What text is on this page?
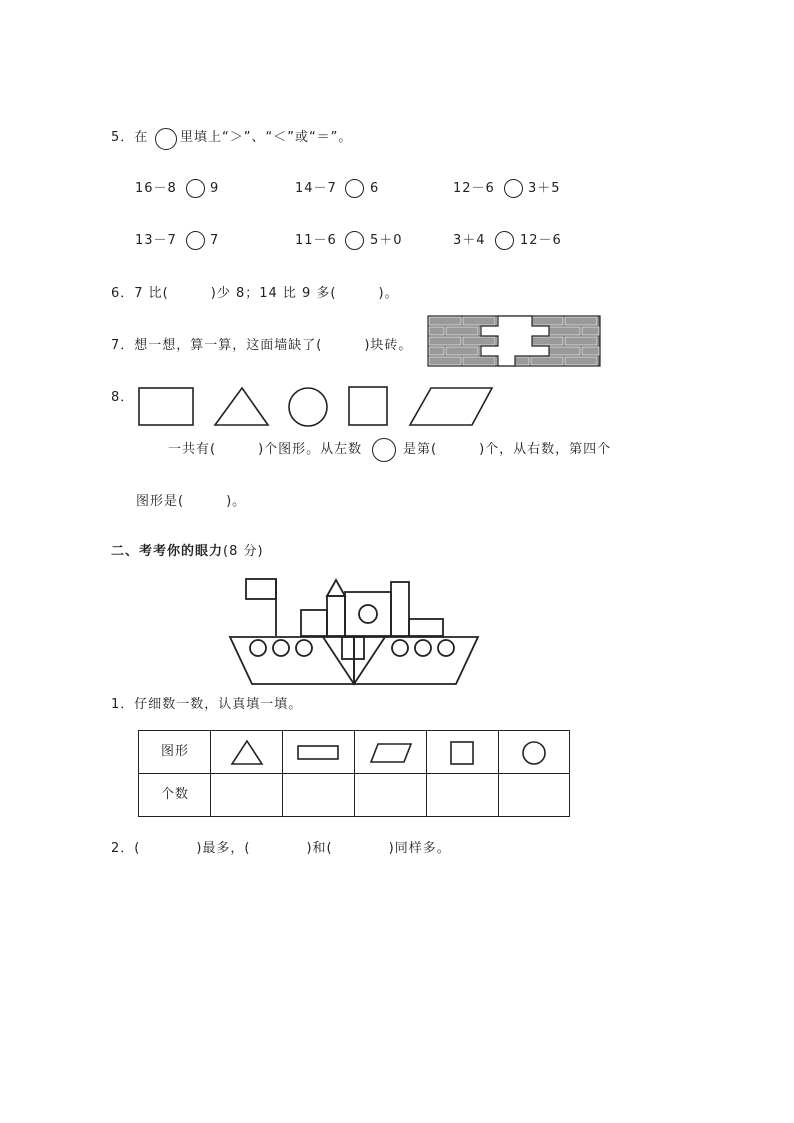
5．在 里填上“＞”、“＜”或“＝”。
16－8	9	14－7	6	12－6	3＋5
13－7	7	11－6	5＋0	3＋4	12－6
6．7 比(　　　)少 8；14 比 9 多(　　　)。
7．想一想，算一算，这面墙缺了(　　　)块砖。
8．
一共有(　　　)个图形。从左数	是第(　　　)个，从右数，第四个
图形是(　　　)。
二、考考你的眼力(8 分)
1．仔细数一数，认真填一填。
图形
个数
2．(　　　　)最多，(　　　　)和(　　　　)同样多。
